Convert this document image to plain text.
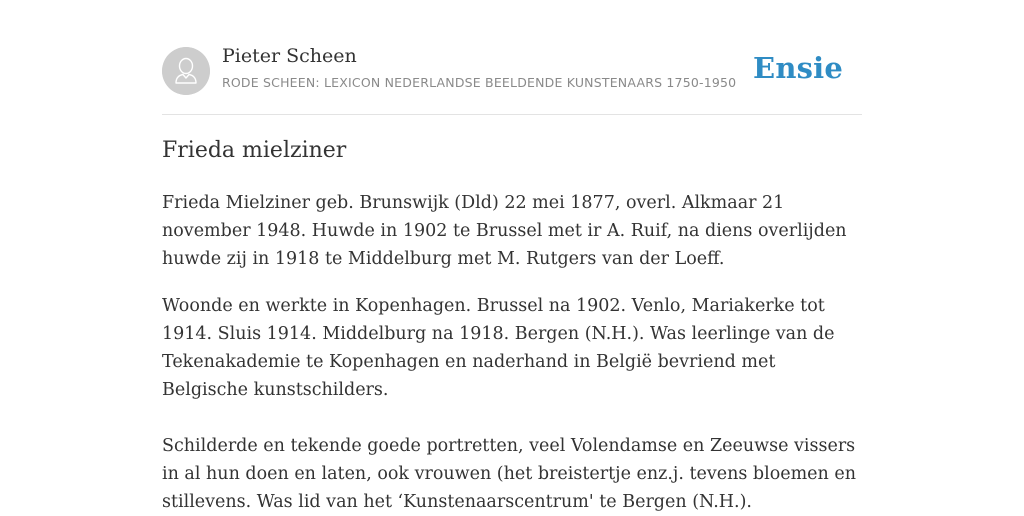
Pieter Scheen
RODE SCHEEN: LEXICON NEDERLANDSE BEELDENDE KUNSTENAARS 1750-1950 Ensie
Frieda mielziner

Frieda Mielziner geb. Brunswijk (Dld) 22 mei 1877, overl. Alkmaar 21 november 1948. Huwde in 1902 te Brussel met ir A. Ruif, na diens overlijden huwde zij in 1918 te Middelburg met M. Rutgers van der Loeff.

Woonde en werkte in Kopenhagen. Brussel na 1902. Venlo, Mariakerke tot 1914. Sluis 1914. Middelburg na 1918. Bergen (N.H.). Was leerlinge van de Tekenakademie te Kopenhagen en naderhand in België bevriend met Belgische kunstschilders.

Schilderde en tekende goede portretten, veel Volendamse en Zeeuwse vissers in al hun doen en laten, ook vrouwen (het breistertje enz.j. tevens bloemen en stillevens. Was lid van het ‘Kunstenaarscentrum' te Bergen (N.H.).
